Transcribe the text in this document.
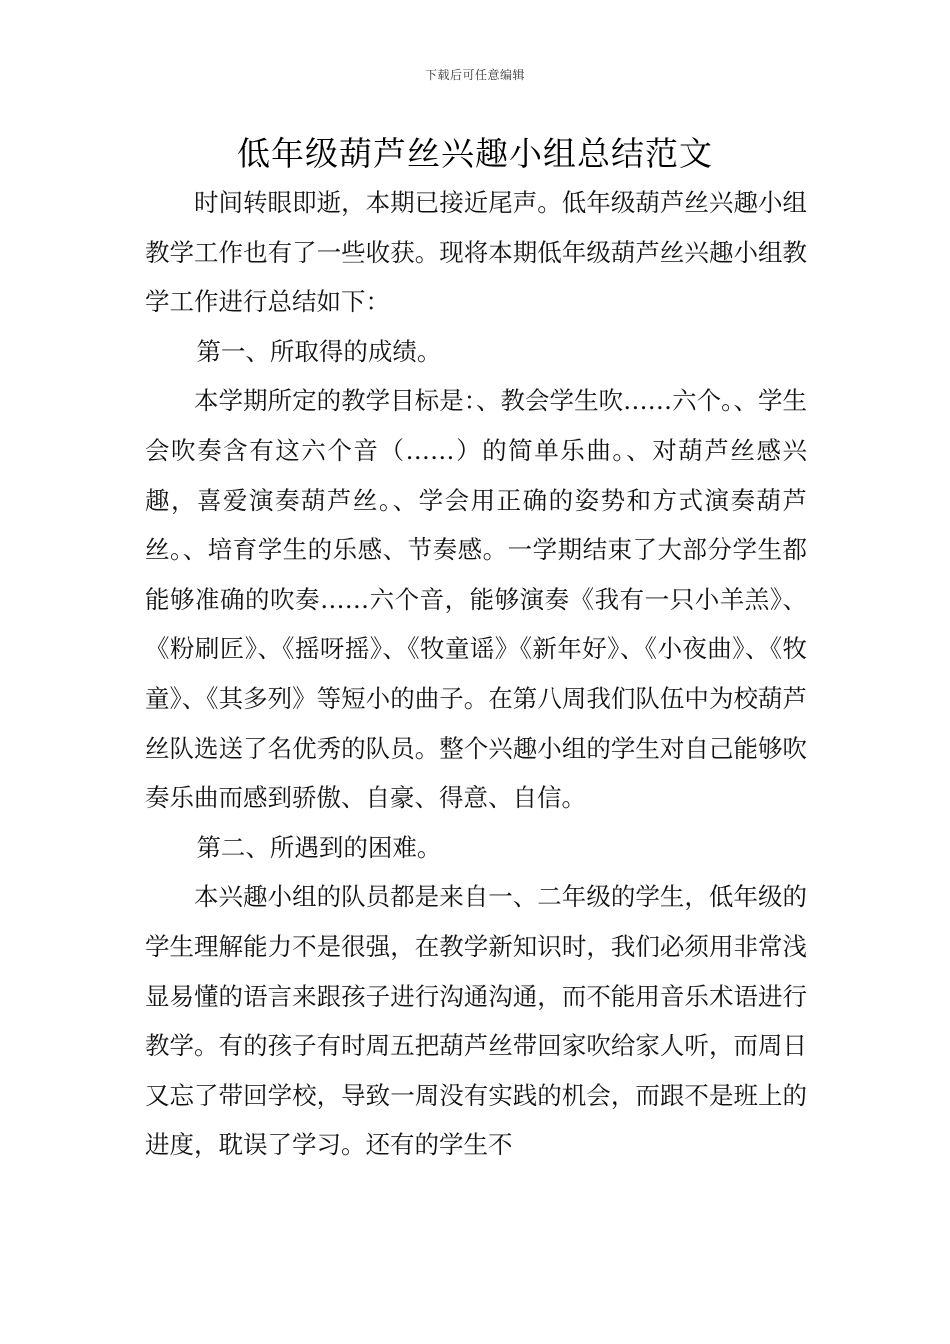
下载后可任意编辑
低年级葫芦丝兴趣小组总结范文

时间转眼即逝，本期已接近尾声。低年级葫芦丝兴趣小组教学工作也有了一些收获。现将本期低年级葫芦丝兴趣小组教学工作进行总结如下：

第一、所取得的成绩。

本学期所定的教学目标是：、教会学生吹……六个。、学生会吹奏含有这六个音（……）的简单乐曲。、对葫芦丝感兴趣，喜爱演奏葫芦丝。、学会用正确的姿势和方式演奏葫芦丝。、培育学生的乐感、节奏感。一学期结束了大部分学生都能够准确的吹奏……六个音，能够演奏《我有一只小羊羔》、《粉刷匠》、《摇呀摇》、《牧童谣》《新年好》、《小夜曲》、《牧童》、《其多列》等短小的曲子。在第八周我们队伍中为校葫芦丝队选送了名优秀的队员。整个兴趣小组的学生对自己能够吹奏乐曲而感到骄傲、自豪、得意、自信。

第二、所遇到的困难。

本兴趣小组的队员都是来自一、二年级的学生，低年级的学生理解能力不是很强，在教学新知识时，我们必须用非常浅显易懂的语言来跟孩子进行沟通沟通，而不能用音乐术语进行教学。有的孩子有时周五把葫芦丝带回家吹给家人听，而周日又忘了带回学校，导致一周没有实践的机会，而跟不是班上的进度，耽误了学习。还有的学生不
